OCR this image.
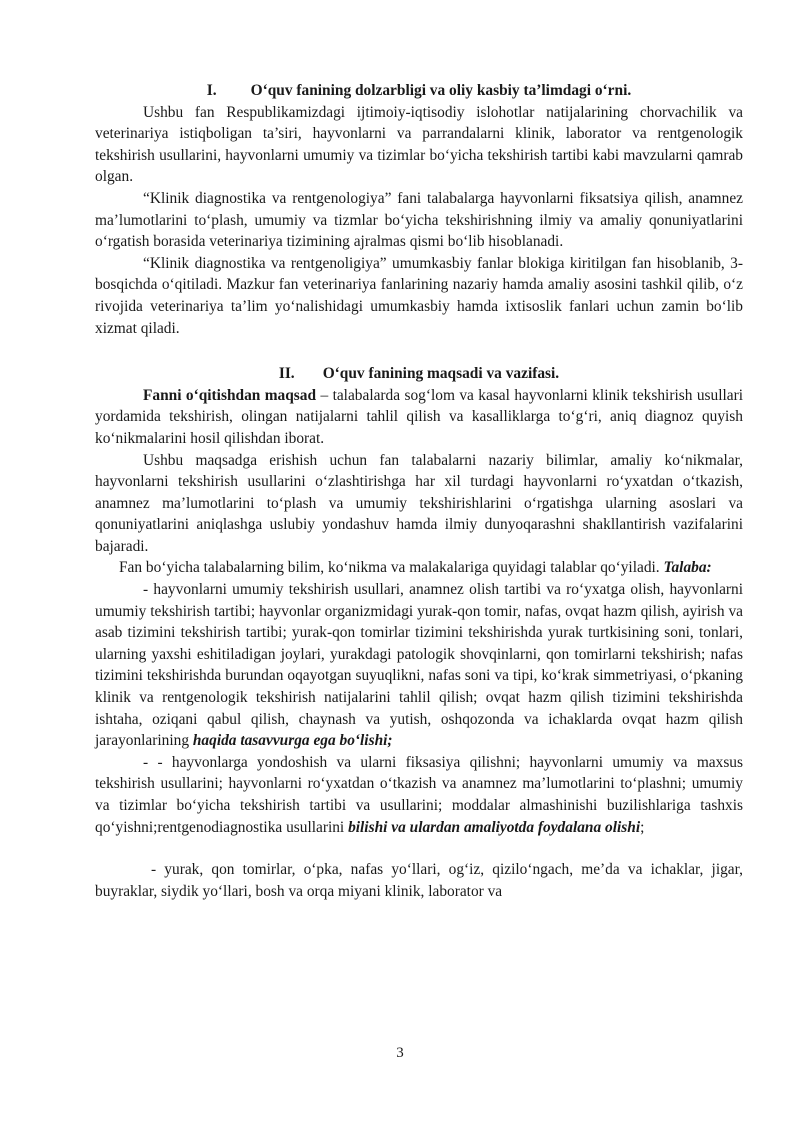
I. O‘quv fanining dolzarbligi va oliy kasbiy ta’limdagi o‘rni.

Ushbu fan Respublikamizdagi ijtimoiy-iqtisodiy islohotlar natijalarining chorvachilik va veterinariya istiqboligan ta’siri, hayvonlarni va parrandalarni klinik, laborator va rentgenologik tekshirish usullarini, hayvonlarni umumiy va tizimlar bo‘yicha tekshirish tartibi kabi mavzularni qamrab olgan.

“Klinik diagnostika va rentgenologiya” fani talabalarga hayvonlarni fiksatsiya qilish, anamnez ma’lumotlarini to‘plash, umumiy va tizmlar bo‘yicha tekshirishning ilmiy va amaliy qonuniyatlarini o‘rgatish borasida veterinariya tizimining ajralmas qismi bo‘lib hisoblanadi.

“Klinik diagnostika va rentgenoligiya” umumkasbiy fanlar blokiga kiritilgan fan hisoblanib, 3- bosqichda o‘qitiladi. Mazkur fan veterinariya fanlarining nazariy hamda amaliy asosini tashkil qilib, o‘z rivojida veterinariya ta’lim yo‘nalishidagi umumkasbiy hamda ixtisoslik fanlari uchun zamin bo‘lib xizmat qiladi.

II. O‘quv fanining maqsadi va vazifasi.

Fanni o‘qitishdan maqsad – talabalarda sog‘lom va kasal hayvonlarni klinik tekshirish usullari yordamida tekshirish, olingan natijalarni tahlil qilish va kasalliklarga to‘g‘ri, aniq diagnoz quyish ko‘nikmalarini hosil qilishdan iborat.

Ushbu maqsadga erishish uchun fan talabalarni nazariy bilimlar, amaliy ko‘nikmalar, hayvonlarni tekshirish usullarini o‘zlashtirishga har xil turdagi hayvonlarni ro‘yxatdan o‘tkazish, anamnez ma’lumotlarini to‘plash va umumiy tekshirishlarini o‘rgatishga ularning asoslari va qonuniyatlarini aniqlashga uslubiy yondashuv hamda ilmiy dunyoqarashni shakllantirish vazifalarini bajaradi.

Fan bo‘yicha talabalarning bilim, ko‘nikma va malakalariga quyidagi talablar qo‘yiladi. Talaba:

- hayvonlarni umumiy tekshirish usullari, anamnez olish tartibi va ro‘yxatga olish, hayvonlarni umumiy tekshirish tartibi; hayvonlar organizmidagi yurak-qon tomir, nafas, ovqat hazm qilish, ayirish va asab tizimini tekshirish tartibi; yurak-qon tomirlar tizimini tekshirishda yurak turtkisining soni, tonlari, ularning yaxshi eshitiladigan joylari, yurakdagi patologik shovqinlarni, qon tomirlarni tekshirish; nafas tizimini tekshirishda burundan oqayotgan suyuqlikni, nafas soni va tipi, ko‘krak simmetriyasi, o‘pkaning klinik va rentgenologik tekshirish natijalarini tahlil qilish; ovqat hazm qilish tizimini tekshirishda ishtaha, oziqani qabul qilish, chaynash va yutish, oshqozonda va ichaklarda ovqat hazm qilish jarayonlarining haqida tasavvurga ega bo‘lishi;

- - hayvonlarga yondoshish va ularni fiksasiya qilishni; hayvonlarni umumiy va maxsus tekshirish usullarini; hayvonlarni ro‘yxatdan o‘tkazish va anamnez ma’lumotlarini to‘plashni; umumiy va tizimlar bo‘yicha tekshirish tartibi va usullarini; moddalar almashinishi buzilishlariga tashxis qo‘yishni;rentgenodiagnostika usullarini bilishi va ulardan amaliyotda foydalana olishi;

- yurak, qon tomirlar, o‘pka, nafas yo‘llari, og‘iz, qizilo‘ngach, me’da va ichaklar, jigar, buyraklar, siydik yo‘llari, bosh va orqa miyani klinik, laborator va

3
